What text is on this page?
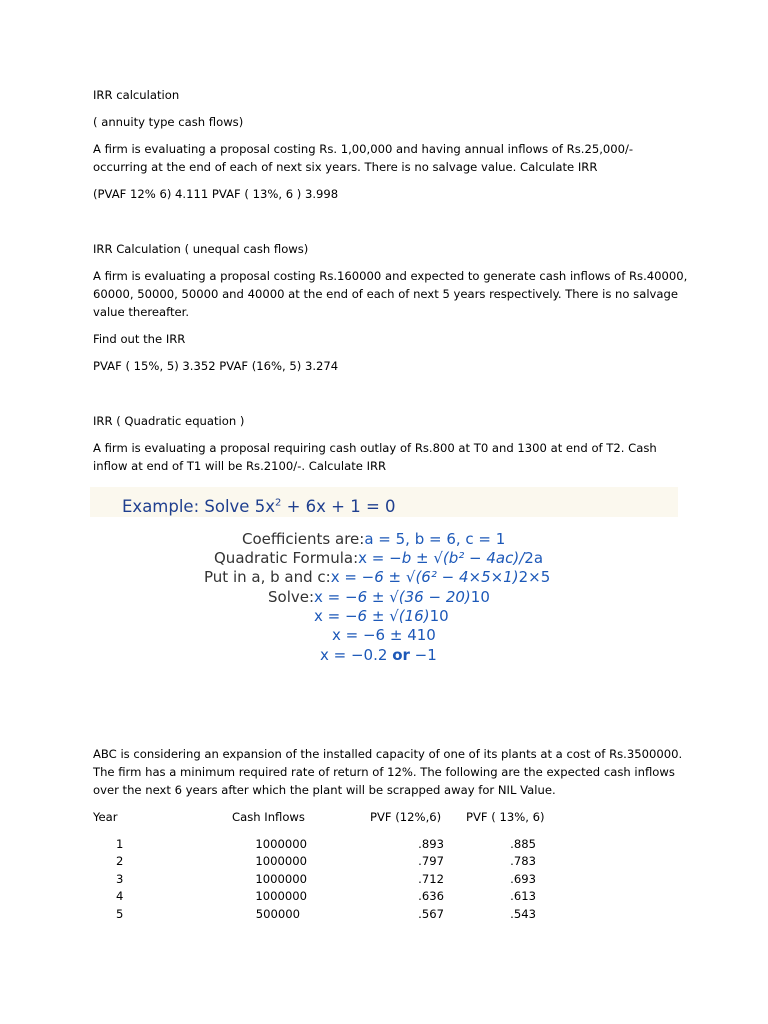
IRR calculation
( annuity type cash flows)
A firm is evaluating a proposal costing Rs. 1,00,000 and having annual inflows of Rs.25,000/-
occurring at the end of each of next six years. There is no salvage value. Calculate IRR
(PVAF 12% 6) 4.111 PVAF ( 13%, 6 ) 3.998
IRR Calculation ( unequal cash flows)
A firm is evaluating a proposal costing Rs.160000 and expected to generate cash inflows of Rs.40000,
60000, 50000, 50000 and 40000 at the end of each of next 5 years respectively. There is no salvage
value thereafter.
Find out the IRR
PVAF ( 15%, 5) 3.352 PVAF (16%, 5) 3.274
IRR ( Quadratic equation )
A firm is evaluating a proposal requiring cash outlay of Rs.800 at T0 and 1300 at end of T2. Cash
inflow at end of T1 will be Rs.2100/-. Calculate IRR
Example: Solve $5x^2 + 6x + 1 = 0$
Coefficients are:a = 5, b = 6, c = 1
Quadratic Formula:x = −b ± √(b² − 4ac)/2a
Put in a, b and c:x = −6 ± √(6² − 4×5×1)2×5
Solve:x = −6 ± √(36 − 20)10
x = −6 ± √(16)10
x = −6 ± 410
x = −0.2 or −1
ABC is considering an expansion of the installed capacity of one of its plants at a cost of Rs.3500000.
The firm has a minimum required rate of return of 12%. The following are the expected cash inflows
over the next 6 years after which the plant will be scrapped away for NIL Value.
Year	Cash Inflows	PVF (12%,6) PVF ( 13%, 6)
1	1000000	.893	.885
2	1000000	.797	.783
3	1000000	.712	.693
4	1000000	.636	.613
5	500000	.567	.543
